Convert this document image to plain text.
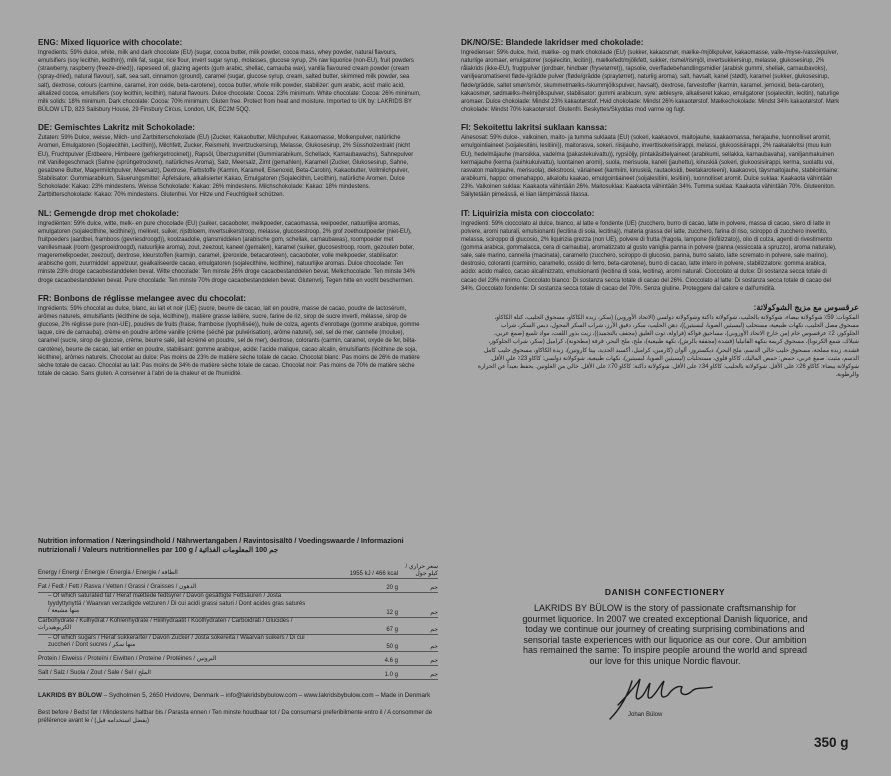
ENG: Mixed liquorice with chocolate:

Ingredients: 59% dulce, white, milk and dark chocolate (EU) (sugar, cocoa butter, milk powder, cocoa mass, whey powder, natural flavours, emulsifiers (soy lecithin, lecithin)), milk fat, sugar, rice flour, invert sugar syrup, molasses, glucose syrup, 2% raw liquorice (non-EU), fruit powders (strawberry, raspberry (freeze-dried)), rapeseed oil, glazing agents (gum arabic, shellac, carnauba wax), vanilla flavoured cream powder (cream (spray-dried), natural flavour), salt, sea salt, cinnamon (ground), caramel (sugar, glucose syrup, cream, salted butter, skimmed milk powder, sea salt), dextrose, colours (carmine, caramel, iron oxide, beta-carotene), cocoa butter, whole milk powder, stabilizer: gum arabic, acid: malic acid, alkalized cocoa, emulsifiers (soy lecithin, lecithin), natural flavours. Dulce chocolate: Cocoa: 23% minimum. White chocolate: Cocoa: 26% minimum, milk solids: 18% minimum. Dark chocolate: Cocoa: 70% minimum. Gluten free. Protect from heat and moisture. Imported to UK by: LAKRIDS BY BÜLOW LTD, 823 Salisbury House, 29 Finsbury Circus, London, UK, EC2M 5QQ.

DE: Gemischtes Lakritz mit Schokolade:

Zutaten: 59% Dulce, weisse, Milch- und Zartbitterschokolade (EU) (Zucker, Kakaobutter, Milchpulver, Kakaomasse, Molkenpulver, natürliche Aromen, Emulgatoren (Sojalecithin, Lecithin)), Milchfett, Zucker, Reismehl, Invertzuckersirup, Melasse, Glukosesirup, 2% Süssholzextrakt (nicht EU), Fruchtpulver (Erdbeere, Himbeere (gefriergetrocknet)), Rapsöl, Überzugsmittel (Gummiarabikum, Schellack, Karnaubawachs), Sahnepulver mit Vanillegeschmack (Sahne (sprühgetrocknet), natürliches Aroma), Salz, Meersalz, Zimt (gemahlen), Karamell (Zucker, Glukosesirup, Sahne, gesalzene Butter, Magermilchpulver, Meersalz), Dextrose, Farbstoffe (Karmin, Karamell, Eisenoxid, Beta-Carotin), Kakaobutter, Vollmilchpulver, Stabilisator: Gummiarabikum, Säuerungsmittel: Äpfelsäure, alkalisierter Kakao, Emulgatoren (Sojalecithin, Lecithin), natürliche Aromen. Dulce Schokolade: Kakao: 23% mindestens. Weisse Schokolade: Kakao: 26% mindestens. Milchschokolade: Kakao: 18% mindestens. Zartbitterschokolade: Kakao: 70% mindestens. Glutenfrei. Vor Hitze und Feuchtigkeit schützen.

NL: Gemengde drop met chokolade:

Ingrediënten: 59% dulce, witte, melk- en pure chocolade (EU) (suiker, cacaoboter, melkpoeder, cacaomassa, weipoeder, natuurlijke aromas, emulgatoren (sojalecithine, lecithine)), melkvet, suiker, rijstbloem, invertsuikerstroop, melasse, glucosestroop, 2% grof zoethoutpoeder (niet-EU), fruitpoeders (aardbei, framboos (gevriesdroogd)), koolzaadolie, glansmiddelen (arabische gom, schellak, carnaubawas), roompoeder met vanillesmaak (room (gesproeidroogd), natuurlijke aroma), zout, zeezout, kaneel (gemalen), karamel (suiker, glucosestroop, room, gezouten boter, mageremelkpoeder, zeezout), dextrose, kleurstoffen (karmijn, caramel, ijzeroxide, betacaroteen), cacaoboter, volle melkpoeder, stabilisator: arabische gom, zuurmiddel: appelzuur, gealkaliseerde cacao, emulgatoren (sojalecithine, lecithine), natuurlijke aromas. Dulce chocolade: Ten minste 23% droge cacaobestanddelen bevat. Witte chocolade: Ten minste 26% droge cacaobestanddelen bevat. Melkchocolade: Ten minste 34% droge cacaobestanddelen bevat. Pure chocolade: Ten minste 70% droge cacaobestanddelen bevat. Glutenvrij. Tegen hitte en vocht beschermen.

FR: Bonbons de réglisse melangee avec du chocolat:

Ingrédients: 59% chocolat au dulce, blanc, au lait et noir (UE) (sucre, beurre de cacao, lait en poudre, masse de cacao, poudre de lactosérum, arômes naturels, émulsifiants (lécithine de soja, lécithine)), matière grasse laitière, sucre, farine de riz, sirop de sucre inverti, mélasse, sirop de glucose, 2% réglisse pure (non-UE), poudres de fruits (fraise, framboise (lyophilisée)), huile de colza, agents d'enrobage (gomme arabique, gomme laque, cire de carnauba), crème en poudre arôme vanille (crème (séché par pulvérisation), arôme naturel), sel, sel de mer, cannelle (moulue), caramel (sucre, sirop de glucose, crème, beurre salé, lait écrémé en poudre, sel de mer), dextrose, colorants (carmin, caramel, oxyde de fer, bêta-carotène), beurre de cacao, lait entier en poudre, stabilisant: gomme arabique, acide: l'acide malique, cacao alcalin, émulsifiants (lécithine de soja, lécithine), arômes naturels. Chocolat au dulce: Pas moins de 23% de matière sèche totale de cacao. Chocolat blanc: Pas moins de 26% de matière sèche totale de cacao. Chocolat au lait: Pas moins de 34% de matière sèche totale de cacao. Chocolat noir: Pas moins de 70% de matière sèche totale de cacao. Sans gluten. A conserver à l'abri de la chaleur et de l'humidité.

DK/NO/SE: Blandede lakridser med chokolade:

Ingredienser: 59% dulce, hvid, mælke- og mørk chokolade (EU) (sukker, kakaosmør, mælke-/mjölkpulver, kakaomasse, valle-/myse-/vasslepulver, naturlige aromaer, emulgatorer (sojalecitin, lecitin)), mælkefedt/mjölkfett, sukker, rismel/rismjöl, invertsukkersirup, melasse, glukosesirup, 2% rålakrids (ikke-EU), frugtpulver (jordbær, hindbær (frysetørret)), rapsolie, overfladebehandlingsmidler (arabisk gummi, shellak, carnaubavoks), vaniljearomatiseret fløde-/grädde pulver (fløde/grädde (spraytørret), naturlig aroma), salt, havsalt, kanel (stødt), karamel (sukker, glukosesirup, fløde/grädde, saltet smør/smör, skummetmælks-/skummjölkspulver, havsalt), dextrose, farvestoffer (karmin, karamel, jernoxid, beta-caroten), kakaosmør, sødmælks-/helmjölkspulver, stabilisator: gummi arabicum, syre: æblesyre, alkaliseret kakao, emulgatorer (sojalecitin, lecitin), naturlige aromaer. Dulce chokolade: Mindst 23% kakaotørstof. Hvid chokolade: Mindst 26% kakaotørstof. Mælkechokolade: Mindst 34% kakaotørstof. Mørk chokolade: Mindst 70% kakaotørstof. Glutenfri. Beskyttes/Skyddas mod varme og fugt.

FI: Sekoitettu lakritsi suklaan kanssa:

Ainesosat: 59% dulce-, valkoinen, maito- ja tumma suklaata (EU) (sokeri, kaakaovoi, maitojauhe, kaakaomassa, herajauhe, luonnolliset aromit, emulgointiaineet (soijalesitiini, lesitiini)), maitorasva, sokeri, riisijauho, inverttisokerisiirappi, melassi, glukoosisiirappi, 2% raakalakritsi (muu kuin EU), hedelmäjauhe (mansikka, vadelma (pakastekuivattu)), rypsiöljy, pintakäsittelyaineet (arabikumi, sellakka, karnaubavaha), vaniljanmakuinen kermajauhe (kerma (suihkukuivattu), luontainen aromi), suola, merisuola, kaneli (jauhettu), kinuskiä (sokeri, glukoosisiirappi, kerma, suolattu voi, rasvaton maitojauhe, merisuola), dekstroosi, väriaineet (karmiini, kinuskiä, rautaoksidi, beetakaroteeni), kaakaovoi, täysmaitojauhe, stabilointiaine: arabikumi, happo: omenahappo, alkaloitu kaakao, emulgointiaineet (soijalesitiini, lesitiini), luonnolliset aromit. Dulce suklaa: Kaakaota vähintään 23%. Valkoinen suklaa: Kaakaota vähintään 26%. Maitosuklaa: Kaakaota vähintään 34%. Tumma suklaa: Kaakaota vähintään 70%. Gluteeniton. Säilytetään pimeässä, ei liian lämpimässä tilassa.

IT: Liquirizia mista con cioccolato:

Ingredienti: 59% cioccolato al dulce, bianco, al latte e fondente (UE) (zucchero, burro di cacao, latte in polvere, massa di cacao, siero di latte in polvere, aromi naturali, emulsionanti (lecitina di soia, lecitina)), materia grassa del latte, zucchero, farina di riso, sciroppo di zucchero invertito, melassa, sciroppo di glucosio, 2% liquirizia grezza (non UE), polvere di frutta (fragola, lampone (liofilizzato)), olio di colza, agenti di rivestimento (gomma arabica, gommalacca, cera di carnauba), aromatizzato al gusto vaniglia panna in polvere (panna (essiccata a spruzzo), aroma naturale), sale, sale marino, cannella (macinata), caramello (zucchero, sciroppo di glucosio, panna, burro salato, latte scremato in polvere, sale marino), destrosio, coloranti (carminio, caramello, ossido di ferro, beta-carotene), burro di cacao, latte intero in polvere, stabilizzatore: gomma arabica, acido: acido malico, cacao alcalinizzato, emulsionanti (lecitina di soia, lecitina), aromi naturali. Cioccolato al dulce: Di sostanza secca totale di cacao del 23% minimo. Cioccolato bianco: Di sostanza secca totale di cacao del 26%. Cioccolato al latte: Di sostanza secca totale di cacao del 34%. Cioccolato fondente: Di sostanza secca totale di cacao del 70%. Senza glutine. Proteggere dal calore e dall'umidità.

عرقسوس مع مزيج الشوكولاتة:

المكونات: 59٪ شوكولاتة بيضاء، شوكولاتة بالحليب، شوكولاتة داكنة وشوكولاتة دولسي (الاتحاد الأوروبي) (سكر، زبدة الكاكاو، مسحوق الحليب، كتلة الكاكاو، مسحوق مصل الحليب، نكهات طبيعية، مستحلب (ليسيثين الصويا، ليسيثين))، دهن الحليب، سكر، دقيق الأرز، شراب السكر المحول، دبس السكر، شراب الجلوكوز، 2٪ عرقسوس خام (من خارج الاتحاد الأوروبي)، مساحيق فواكه (فراولة، توت العليق (مجفف بالتجميد))، زيت بذور اللفت، مواد تلميع (صمغ عربي، شيلاك، شمع الكرنوبا)، مسحوق كريمة بنكهة الفانيليا (قشدة (مجففة بالرش)، نكهة طبيعية)، ملح، ملح البحر، قرفة (مطحونة)، كراميل (سكر، شراب الجلوكوز، قشدة، زبدة مملحة، مسحوق حليب خالي الدسم، ملح البحر)، ديكستروز، ألوان (كارمين، كراميل، أكسيد الحديد، بيتا كاروتين)، زبدة الكاكاو، مسحوق حليب كامل الدسم، مثبت: صمغ عربي، حمض: حمض الماليك، كاكاو قلوي، مستحلبات (ليسيثين الصويا، ليسيثين)، نكهات طبيعية. شوكولاتة دولسي: كاكاو 23٪ على الأقل. شوكولاتة بيضاء: كاكاو 26٪ على الأقل. شوكولاتة بالحليب: كاكاو 34٪ على الأقل. شوكولاتة داكنة: كاكاو 70٪ على الأقل. خالي من الغلوتين. يحفظ بعيداً عن الحرارة والرطوبة.

Nutrition information / Næringsindhold / Nährwertangaben / Ravintosisältö / Voedingswaarde / Informazioni nutrizionali / Valeurs nutritionnelles par 100 g / جم 100 المعلومات الغذائية
Energy / Energi / Energie / Energia / Energie / الطاقة	1955 kJ / 466 kcal
سعر حراري / كيلو جول
Fat / Fedt / Fett / Rasva / Vetten / Grassi / Graisses / الدهون	20 g	جم
– Of which saturated fat / Heraf mættede fedtsyrer / Davon gesättigte Fettsäuren / Josta tyydyttynyttä / Waarvan verzadigde vetzuren / Di cui acidi grassi saturi / Dont acides gras saturés / منها مشبعة	12 g	جم
Carbohydrate / Kulhydrat / Kohlenhydrate / Hiilihydraatit / Koolhydraten / Carboidrati / Glucides / الكربوهيدرات	67 g	جم
– Of which sugars / Heraf sukkerarter / Davon Zucker / Josta sokereita / Waarvan suikers / Di cui zuccheri / Dont sucres / منها سكر	50 g	جم
Protein / Eiweiss / Proteïni / Eiwitten / Proteine / Protéines / البروتين	4.6 g	جم
Salt / Salz / Suola / Zout / Sale / Sel / الملح	1.0 g	جم
LAKRIDS BY BÜLOW – Sydholmen 5, 2650 Hvidovre, Denmark – info@lakridsbybulow.com – www.lakridsbybulow.com – Made in Denmark
Best before / Bedst før / Mindestens haltbar bis / Parasta ennen / Ten minste houdbaar tot / Da consumarsi preferibilmente entro il / A consommer de préférence avant le / (يفضل استخدامه قبل)
DANISH CONFECTIONERY

LAKRIDS BY BÜLOW is the story of passionate craftsmanship for gourmet liquorice. In 2007 we created exceptional Danish liquorice, and today we continue our journey of creating surprising combinations and sensorial taste experiences with our liquorice as our core. Our ambition has remained the same: To inspire people around the world and spread our love for this unique Nordic flavour.

Johan Bülow
350 g
